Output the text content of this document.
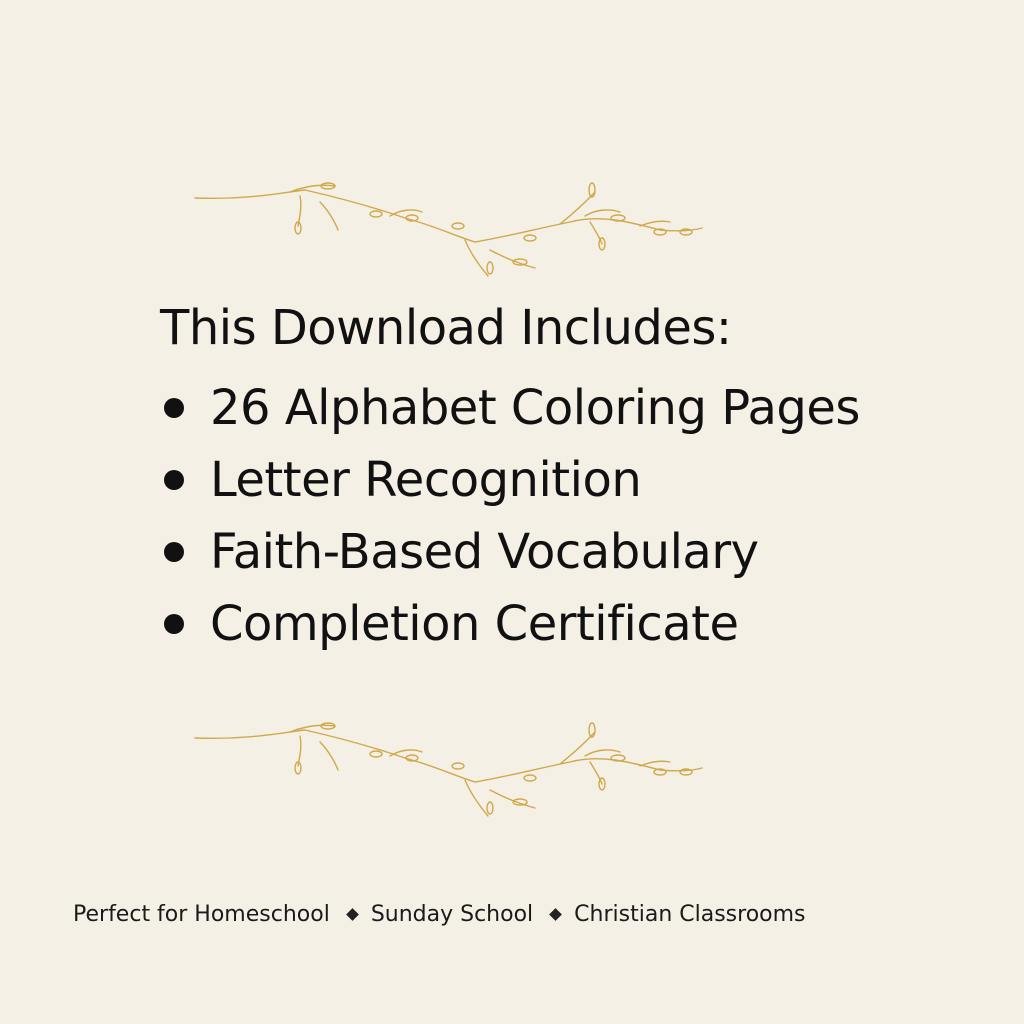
This Download Includes:
26 Alphabet Coloring Pages
Letter Recognition
Faith-Based Vocabulary
Completion Certificate
Perfect for Homeschool Sunday School Christian Classrooms
